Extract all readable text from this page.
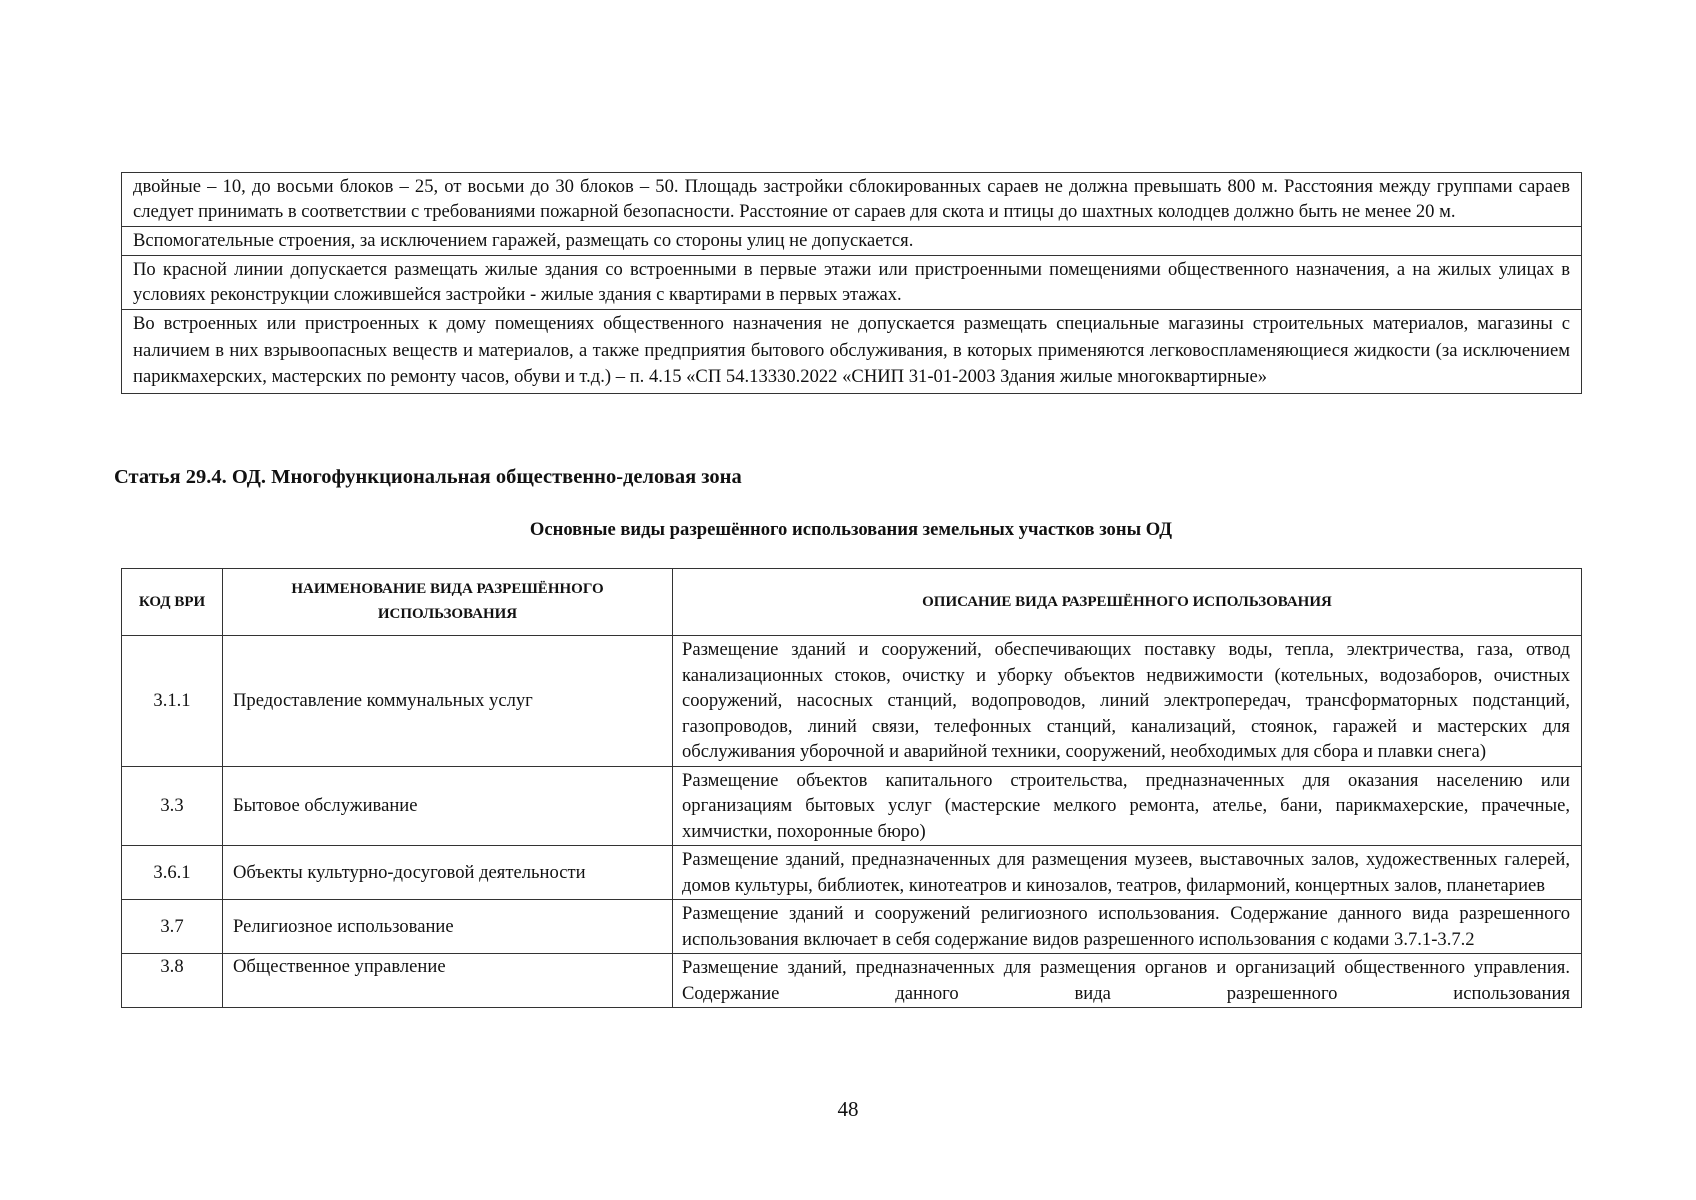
двойные – 10, до восьми блоков – 25, от восьми до 30 блоков – 50. Площадь застройки сблокированных сараев не должна превышать 800 м. Расстояния между группами сараев следует принимать в соответствии с требованиями пожарной безопасности. Расстояние от сараев для скота и птицы до шахтных колодцев должно быть не менее 20 м.
Вспомогательные строения, за исключением гаражей, размещать со стороны улиц не допускается.
По красной линии допускается размещать жилые здания со встроенными в первые этажи или пристроенными помещениями общественного назначения, а на жилых улицах в условиях реконструкции сложившейся застройки - жилые здания с квартирами в первых этажах.
Во встроенных или пристроенных к дому помещениях общественного назначения не допускается размещать специальные магазины строительных материалов, магазины с наличием в них взрывоопасных веществ и материалов, а также предприятия бытового обслуживания, в которых применяются легковоспламеняющиеся жидкости (за исключением парикмахерских, мастерских по ремонту часов, обуви и т.д.) – п. 4.15 «СП 54.13330.2022 «СНИП 31-01-2003 Здания жилые многоквартирные»
Статья 29.4. ОД. Многофункциональная общественно-деловая зона
Основные виды разрешённого использования земельных участков зоны ОД
КОД ВРИ	НАИМЕНОВАНИЕ ВИДА РАЗРЕШЁННОГО ИСПОЛЬЗОВАНИЯ	ОПИСАНИЕ ВИДА РАЗРЕШЁННОГО ИСПОЛЬЗОВАНИЯ
3.1.1	Предоставление коммунальных услуг	Размещение зданий и сооружений, обеспечивающих поставку воды, тепла, электричества, газа, отвод канализационных стоков, очистку и уборку объектов недвижимости (котельных, водозаборов, очистных сооружений, насосных станций, водопроводов, линий электропередач, трансформаторных подстанций, газопроводов, линий связи, телефонных станций, канализаций, стоянок, гаражей и мастерских для обслуживания уборочной и аварийной техники, сооружений, необходимых для сбора и плавки снега)
3.3	Бытовое обслуживание	Размещение объектов капитального строительства, предназначенных для оказания населению или организациям бытовых услуг (мастерские мелкого ремонта, ателье, бани, парикмахерские, прачечные, химчистки, похоронные бюро)
3.6.1	Объекты культурно-досуговой деятельности	Размещение зданий, предназначенных для размещения музеев, выставочных залов, художественных галерей, домов культуры, библиотек, кинотеатров и кинозалов, театров, филармоний, концертных залов, планетариев
3.7	Религиозное использование	Размещение зданий и сооружений религиозного использования. Содержание данного вида разрешенного использования включает в себя содержание видов разрешенного использования с кодами 3.7.1-3.7.2
3.8	Общественное управление	Размещение зданий, предназначенных для размещения органов и организаций общественного управления. Содержание данного вида разрешенного использования
48
